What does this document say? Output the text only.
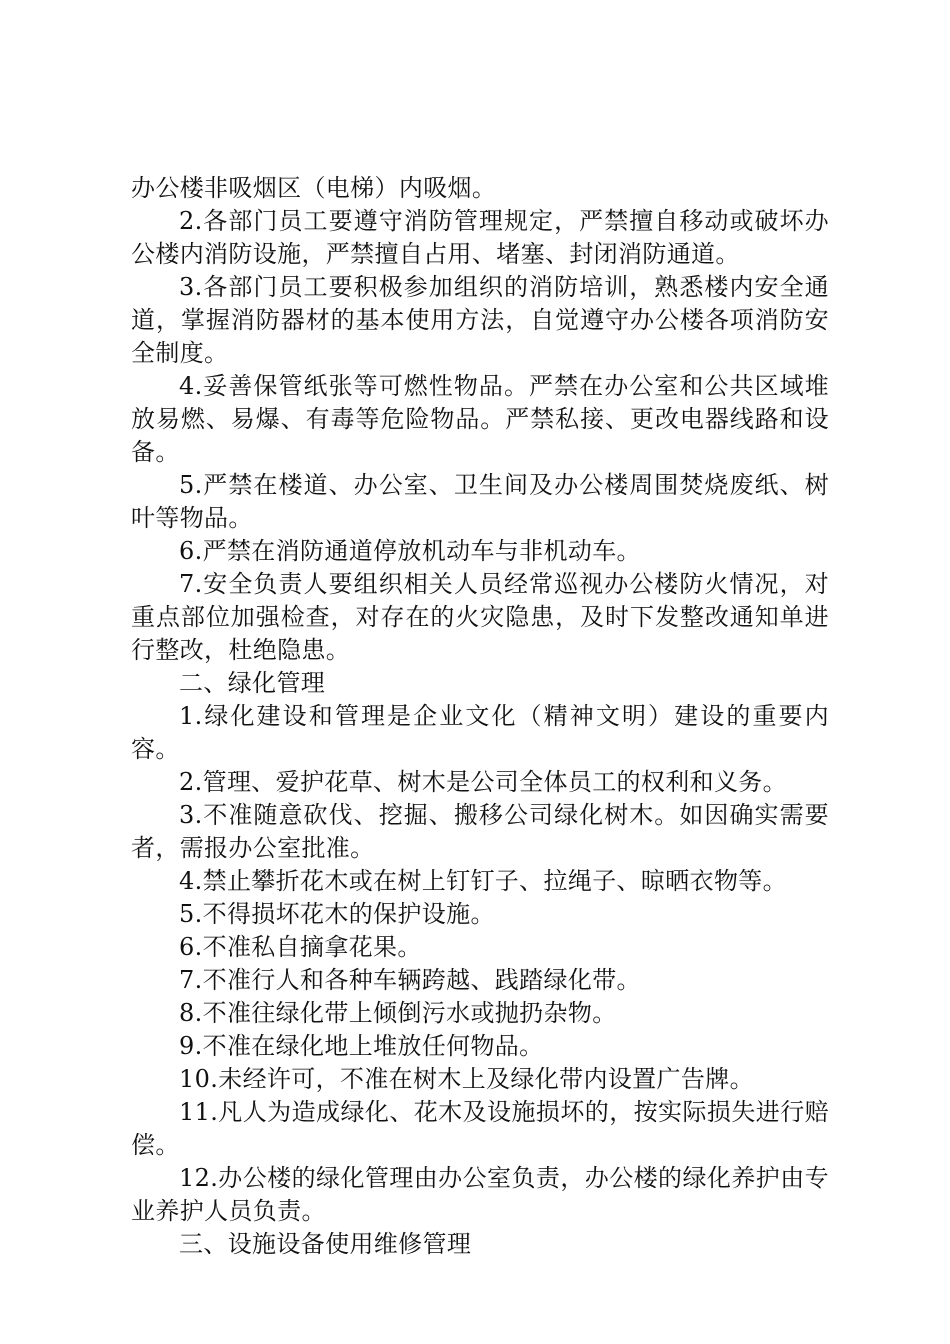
办公楼非吸烟区（电梯）内吸烟。

2.各部门员工要遵守消防管理规定，严禁擅自移动或破坏办公楼内消防设施，严禁擅自占用、堵塞、封闭消防通道。

3.各部门员工要积极参加组织的消防培训，熟悉楼内安全通道，掌握消防器材的基本使用方法，自觉遵守办公楼各项消防安全制度。

4.妥善保管纸张等可燃性物品。严禁在办公室和公共区域堆放易燃、易爆、有毒等危险物品。严禁私接、更改电器线路和设备。

5.严禁在楼道、办公室、卫生间及办公楼周围焚烧废纸、树叶等物品。

6.严禁在消防通道停放机动车与非机动车。

7.安全负责人要组织相关人员经常巡视办公楼防火情况，对重点部位加强检查，对存在的火灾隐患，及时下发整改通知单进行整改，杜绝隐患。

二、绿化管理

1.绿化建设和管理是企业文化（精神文明）建设的重要内容。

2.管理、爱护花草、树木是公司全体员工的权利和义务。

3.不准随意砍伐、挖掘、搬移公司绿化树木。如因确实需要者，需报办公室批准。

4.禁止攀折花木或在树上钉钉子、拉绳子、晾晒衣物等。

5.不得损坏花木的保护设施。

6.不准私自摘拿花果。

7.不准行人和各种车辆跨越、践踏绿化带。

8.不准往绿化带上倾倒污水或抛扔杂物。

9.不准在绿化地上堆放任何物品。

10.未经许可，不准在树木上及绿化带内设置广告牌。

11.凡人为造成绿化、花木及设施损坏的，按实际损失进行赔偿。

12.办公楼的绿化管理由办公室负责，办公楼的绿化养护由专业养护人员负责。

三、设施设备使用维修管理
